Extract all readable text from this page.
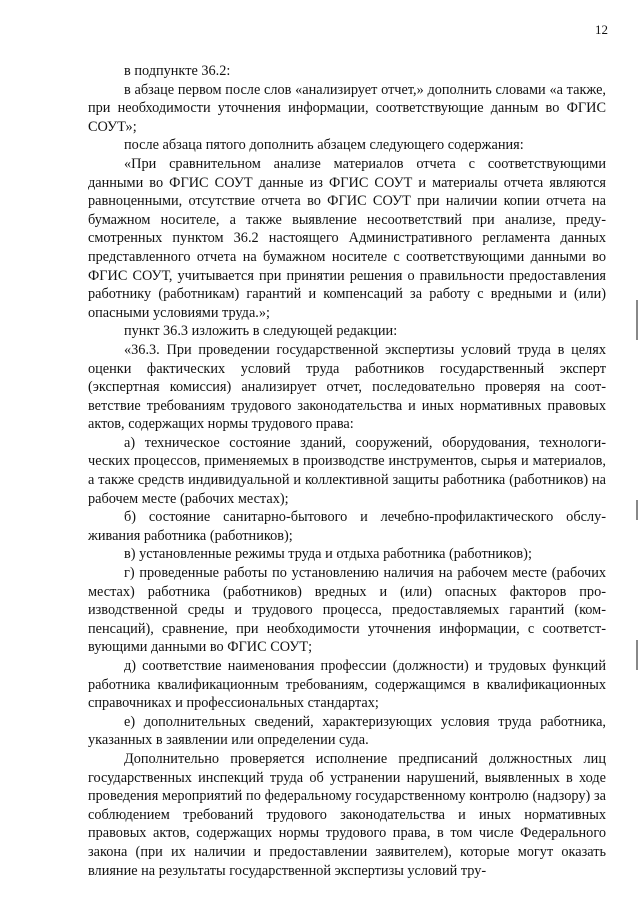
12

в подпункте 36.2:

в абзаце первом после слов «анализирует отчет,» дополнить словами «а также, при необходимости уточнения информации, соответствующие данным во ФГИС СОУТ»;

после абзаца пятого дополнить абзацем следующего содержания:

«При сравнительном анализе материалов отчета с соответствующими данными во ФГИС СОУТ данные из ФГИС СОУТ и материалы отчета являются равноценными, отсутствие отчета во ФГИС СОУТ при наличии копии отчета на бумажном носителе, а также выявление несоответствий при анализе, предусмотренных пунктом 36.2 настоящего Административного регламента данных представленного отчета на бумажном носителе с соответствующими данными во ФГИС СОУТ, учитывается при принятии решения о правильности предоставления работнику (работникам) гарантий и компенсаций за работу с вредными и (или) опасными условиями труда.»;

пункт 36.3 изложить в следующей редакции:

«36.3. При проведении государственной экспертизы условий труда в целях оценки фактических условий труда работников государственный эксперт (экспертная комиссия) анализирует отчет, последовательно проверяя на соответствие требованиям трудового законодательства и иных нормативных правовых актов, содержащих нормы трудового права:

а) техническое состояние зданий, сооружений, оборудования, технологических процессов, применяемых в производстве инструментов, сырья и материалов, а также средств индивидуальной и коллективной защиты работника (работников) на рабочем месте (рабочих местах);

б) состояние санитарно-бытового и лечебно-профилактического обслуживания работника (работников);

в) установленные режимы труда и отдыха работника (работников);

г) проведенные работы по установлению наличия на рабочем месте (рабочих местах) работника (работников) вредных и (или) опасных факторов производственной среды и трудового процесса, предоставляемых гарантий (компенсаций), сравнение, при необходимости уточнения информации, с соответствующими данными во ФГИС СОУТ;

д) соответствие наименования профессии (должности) и трудовых функций работника квалификационным требованиям, содержащимся в квалификационных справочниках и профессиональных стандартах;

е) дополнительных сведений, характеризующих условия труда работника, указанных в заявлении или определении суда.

Дополнительно проверяется исполнение предписаний должностных лиц государственных инспекций труда об устранении нарушений, выявленных в ходе проведения мероприятий по федеральному государственному контролю (надзору) за соблюдением требований трудового законодательства и иных нормативных правовых актов, содержащих нормы трудового права, в том числе Федерального закона (при их наличии и предоставлении заявителем), которые могут оказать влияние на результаты государственной экспертизы условий тру-
